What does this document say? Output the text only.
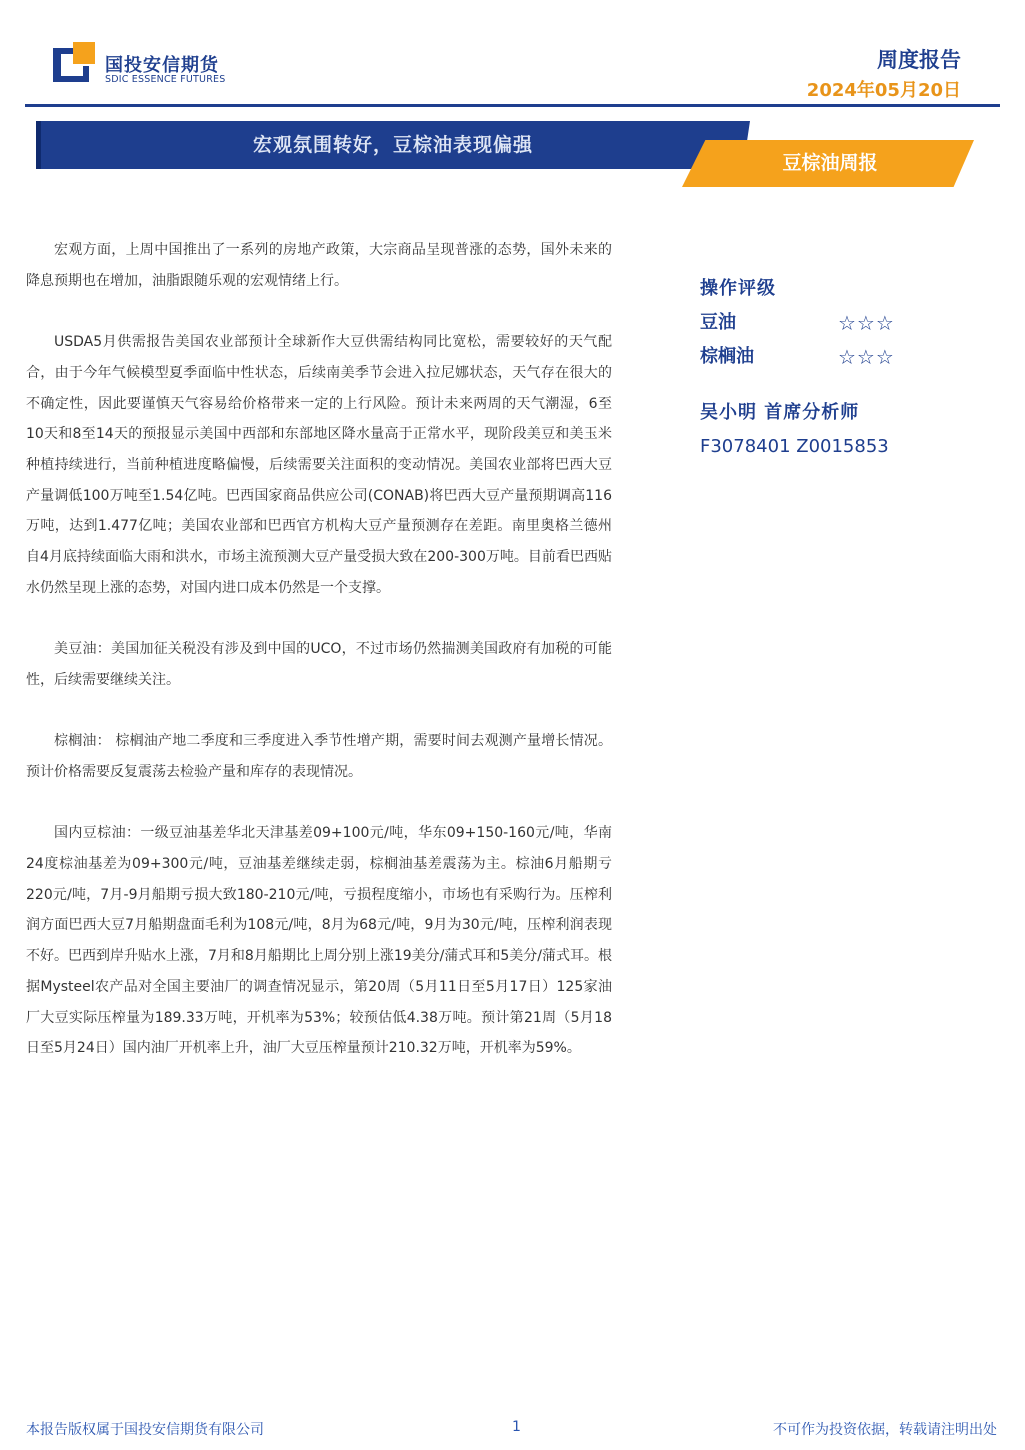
国投安信期货
SDIC ESSENCE FUTURES
周度报告
2024年05月20日
宏观氛围转好，豆棕油表现偏强
豆棕油周报

宏观方面，上周中国推出了一系列的房地产政策，大宗商品呈现普涨的态势，国外未来的降息预期也在增加，油脂跟随乐观的宏观情绪上行。

USDA5月供需报告美国农业部预计全球新作大豆供需结构同比宽松，需要较好的天气配合，由于今年气候模型夏季面临中性状态，后续南美季节会进入拉尼娜状态，天气存在很大的不确定性，因此要谨慎天气容易给价格带来一定的上行风险。预计未来两周的天气潮湿，6至10天和8至14天的预报显示美国中西部和东部地区降水量高于正常水平，现阶段美豆和美玉米种植持续进行，当前种植进度略偏慢，后续需要关注面积的变动情况。美国农业部将巴西大豆产量调低100万吨至1.54亿吨。巴西国家商品供应公司(CONAB)将巴西大豆产量预期调高116万吨，达到1.477亿吨；美国农业部和巴西官方机构大豆产量预测存在差距。南里奥格兰德州自4月底持续面临大雨和洪水，市场主流预测大豆产量受损大致在200-300万吨。目前看巴西贴水仍然呈现上涨的态势，对国内进口成本仍然是一个支撑。

美豆油：美国加征关税没有涉及到中国的UCO，不过市场仍然揣测美国政府有加税的可能性，后续需要继续关注。

棕榈油： 棕榈油产地二季度和三季度进入季节性增产期，需要时间去观测产量增长情况。预计价格需要反复震荡去检验产量和库存的表现情况。

国内豆棕油：一级豆油基差华北天津基差09+100元/吨，华东09+150-160元/吨，华南24度棕油基差为09+300元/吨，豆油基差继续走弱，棕榈油基差震荡为主。棕油6月船期亏220元/吨，7月-9月船期亏损大致180-210元/吨，亏损程度缩小，市场也有采购行为。压榨利润方面巴西大豆7月船期盘面毛利为108元/吨，8月为68元/吨，9月为30元/吨，压榨利润表现不好。巴西到岸升贴水上涨，7月和8月船期比上周分别上涨19美分/蒲式耳和5美分/蒲式耳。根据Mysteel农产品对全国主要油厂的调查情况显示，第20周（5月11日至5月17日）125家油厂大豆实际压榨量为189.33万吨，开机率为53%；较预估低4.38万吨。预计第21周（5月18日至5月24日）国内油厂开机率上升，油厂大豆压榨量预计210.32万吨，开机率为59%。

操作评级
豆油	☆☆☆
棕榈油	☆☆☆
吴小明 首席分析师
F3078401 Z0015853
本报告版权属于国投安信期货有限公司	1	不可作为投资依据，转载请注明出处
